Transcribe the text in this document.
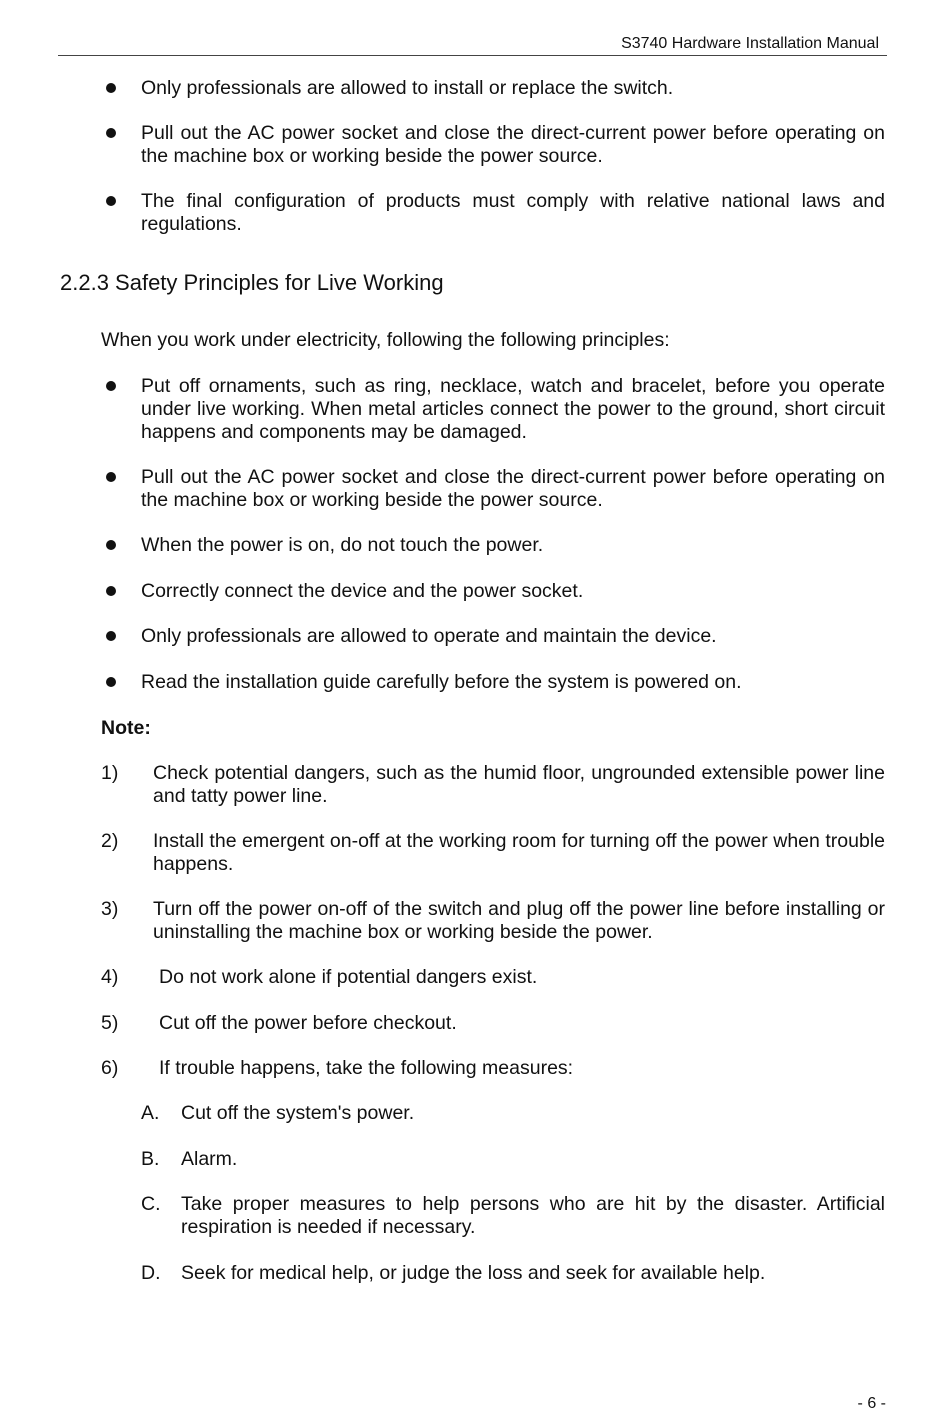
S3740 Hardware Installation Manual
Only professionals are allowed to install or replace the switch.
Pull out the AC power socket and close the direct-current power before operating on the machine box or working beside the power source.
The final configuration of products must comply with relative national laws and regulations.
2.2.3 Safety Principles for Live Working
When you work under electricity, following the following principles:
Put off ornaments, such as ring, necklace, watch and bracelet, before you operate under live working. When metal articles connect the power to the ground, short circuit happens and components may be damaged.
Pull out the AC power socket and close the direct-current power before operating on the machine box or working beside the power source.
When the power is on, do not touch the power.
Correctly connect the device and the power socket.
Only professionals are allowed to operate and maintain the device.
Read the installation guide carefully before the system is powered on.
Note:
1) Check potential dangers, such as the humid floor, ungrounded extensible power line and tatty power line.
2) Install the emergent on-off at the working room for turning off the power when trouble happens.
3) Turn off the power on-off of the switch and plug off the power line before installing or uninstalling the machine box or working beside the power.
4) Do not work alone if potential dangers exist.
5) Cut off the power before checkout.
6) If trouble happens, take the following measures:
A. Cut off the system's power.
B. Alarm.
C. Take proper measures to help persons who are hit by the disaster. Artificial respiration is needed if necessary.
D. Seek for medical help, or judge the loss and seek for available help.
- 6 -
